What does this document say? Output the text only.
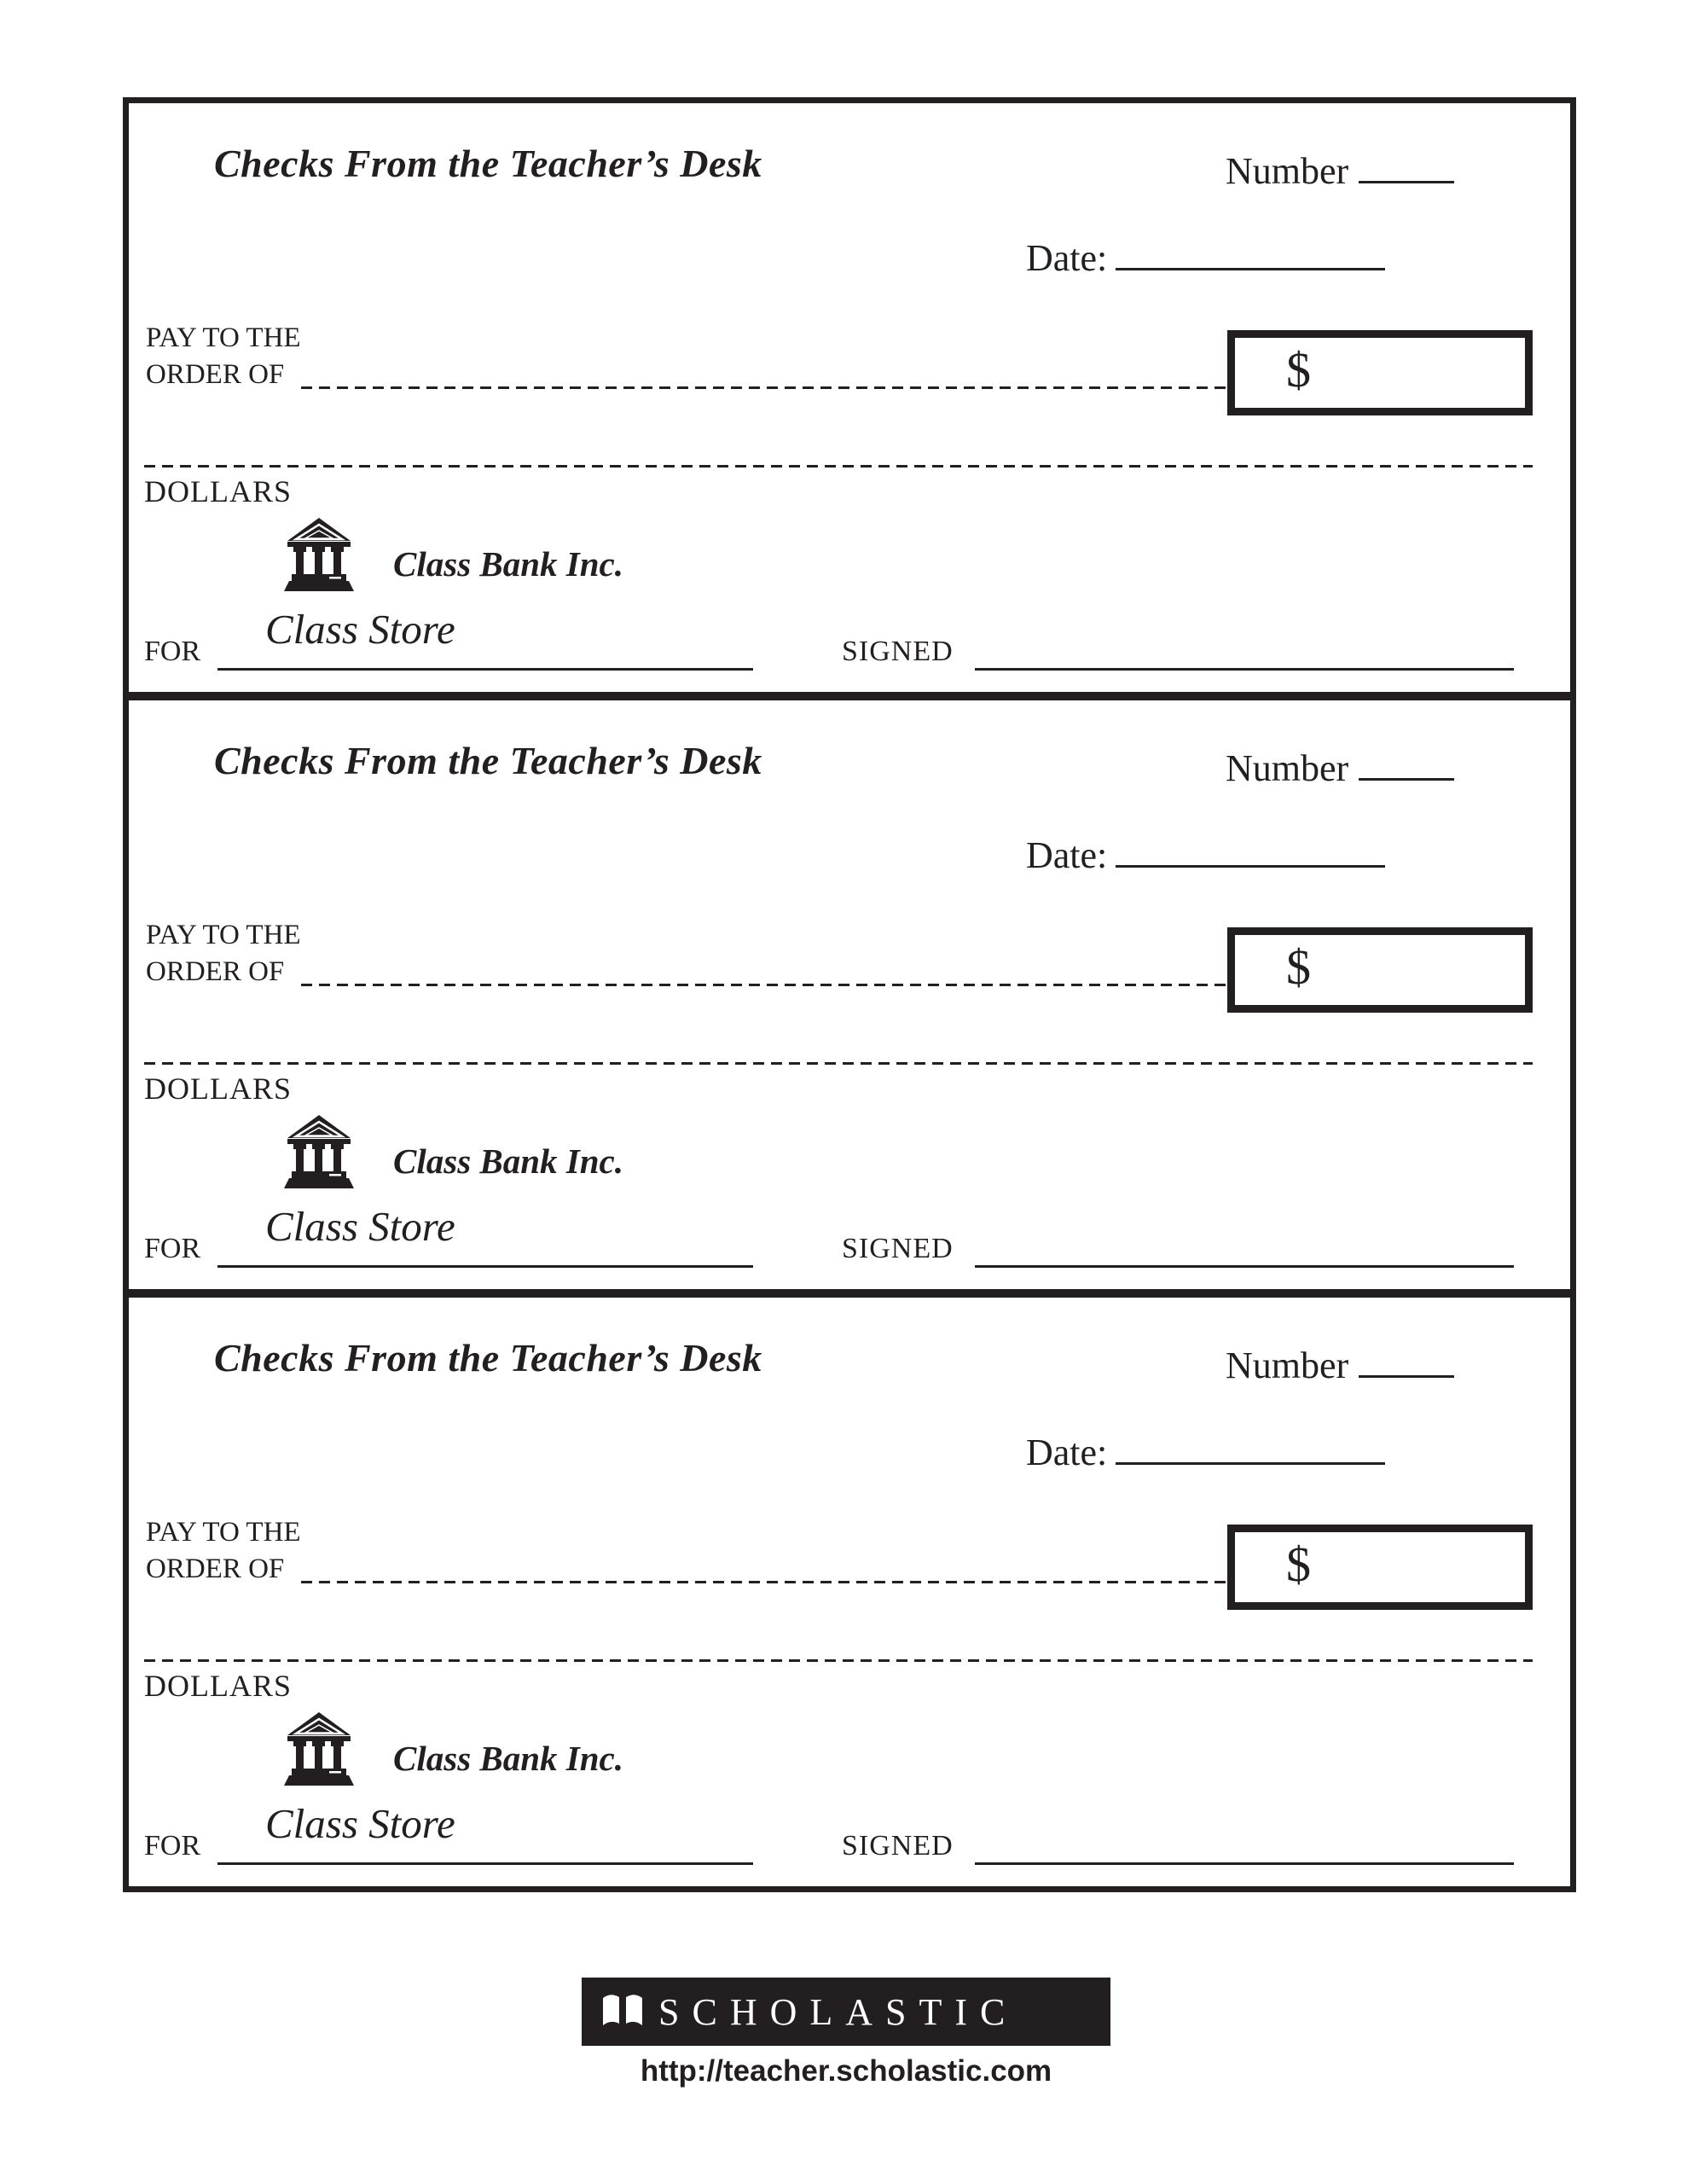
Checks From the Teacher’s Desk	Number
Date:
PAY TO THE
ORDER OF	$
DOLLARS
Class Bank Inc.
Class Store
FOR	SIGNED
Checks From the Teacher’s Desk	Number
Date:
PAY TO THE
ORDER OF	$
DOLLARS
Class Bank Inc.
Class Store
FOR	SIGNED
Checks From the Teacher’s Desk	Number
Date:
PAY TO THE
ORDER OF	$
DOLLARS
Class Bank Inc.
Class Store
FOR	SIGNED
SCHOLASTIC
http://teacher.scholastic.com
